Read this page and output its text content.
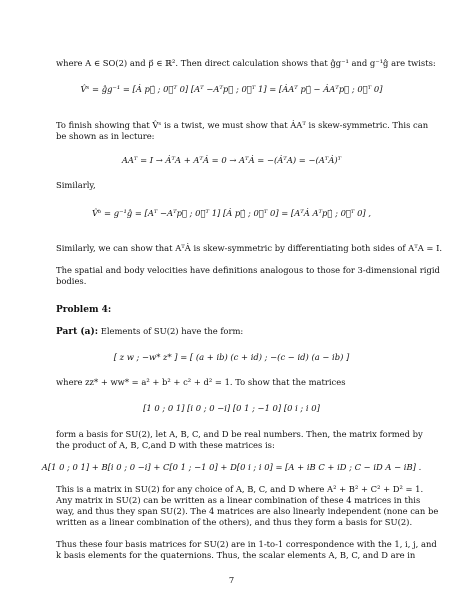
where A ∈ SO(2) and p⃗ ∈ ℝ². Then direct calculation shows that ĝg⁻¹ and g⁻¹ĝ are twists:
V̂ˢ = ĝg⁻¹ = [Ȧ p⃗̇ ; 0⃗ᵀ 0] [Aᵀ −Aᵀp⃗ ; 0⃗ᵀ 1] = [ȦAᵀ p⃗̇ − ȦAᵀp⃗ ; 0⃗ᵀ 0]
To finish showing that V̂ˢ is a twist, we must show that ȦAᵀ is skew-symmetric. This can
be shown as in lecture:
AAᵀ = I → ȦᵀA + AᵀȦ = 0 → AᵀȦ = −(ȦᵀA) = −(AᵀȦ)ᵀ
Similarly,
V̂ᵇ = g⁻¹ĝ = [Aᵀ −Aᵀp⃗ ; 0⃗ᵀ 1] [Ȧ p⃗̇ ; 0⃗ᵀ 0] = [AᵀȦ Aᵀp⃗̇ ; 0⃗ᵀ 0] ,
Similarly, we can show that AᵀȦ is skew-symmetric by differentiating both sides of AᵀA = I.
The spatial and body velocities have definitions analogous to those for 3-dimensional rigid
bodies.
Problem 4:
Part (a): Elements of SU(2) have the form:
[ z w ; −w* z* ] = [ (a + ib) (c + id) ; −(c − id) (a − ib) ]
where zz* + ww* = a² + b² + c² + d² = 1. To show that the matrices
[1 0 ; 0 1] [i 0 ; 0 −i] [0 1 ; −1 0] [0 i ; i 0]
form a basis for SU(2), let A, B, C, and D be real numbers. Then, the matrix formed by
the product of A, B, C,and D with these matrices is:
A[1 0 ; 0 1] + B[i 0 ; 0 −i] + C[0 1 ; −1 0] + D[0 i ; i 0] = [A + iB C + iD ; C − iD A − iB] .
This is a matrix in SU(2) for any choice of A, B, C, and D where A² + B² + C² + D² = 1.
Any matrix in SU(2) can be written as a linear combination of these 4 matrices in this
way, and thus they span SU(2). The 4 matrices are also linearly independent (none can be
written as a linear combination of the others), and thus they form a basis for SU(2).
Thus these four basis matrices for SU(2) are in 1-to-1 correspondence with the 1, i, j, and
k basis elements for the quaternions. Thus, the scalar elements A, B, C, and D are in
7
